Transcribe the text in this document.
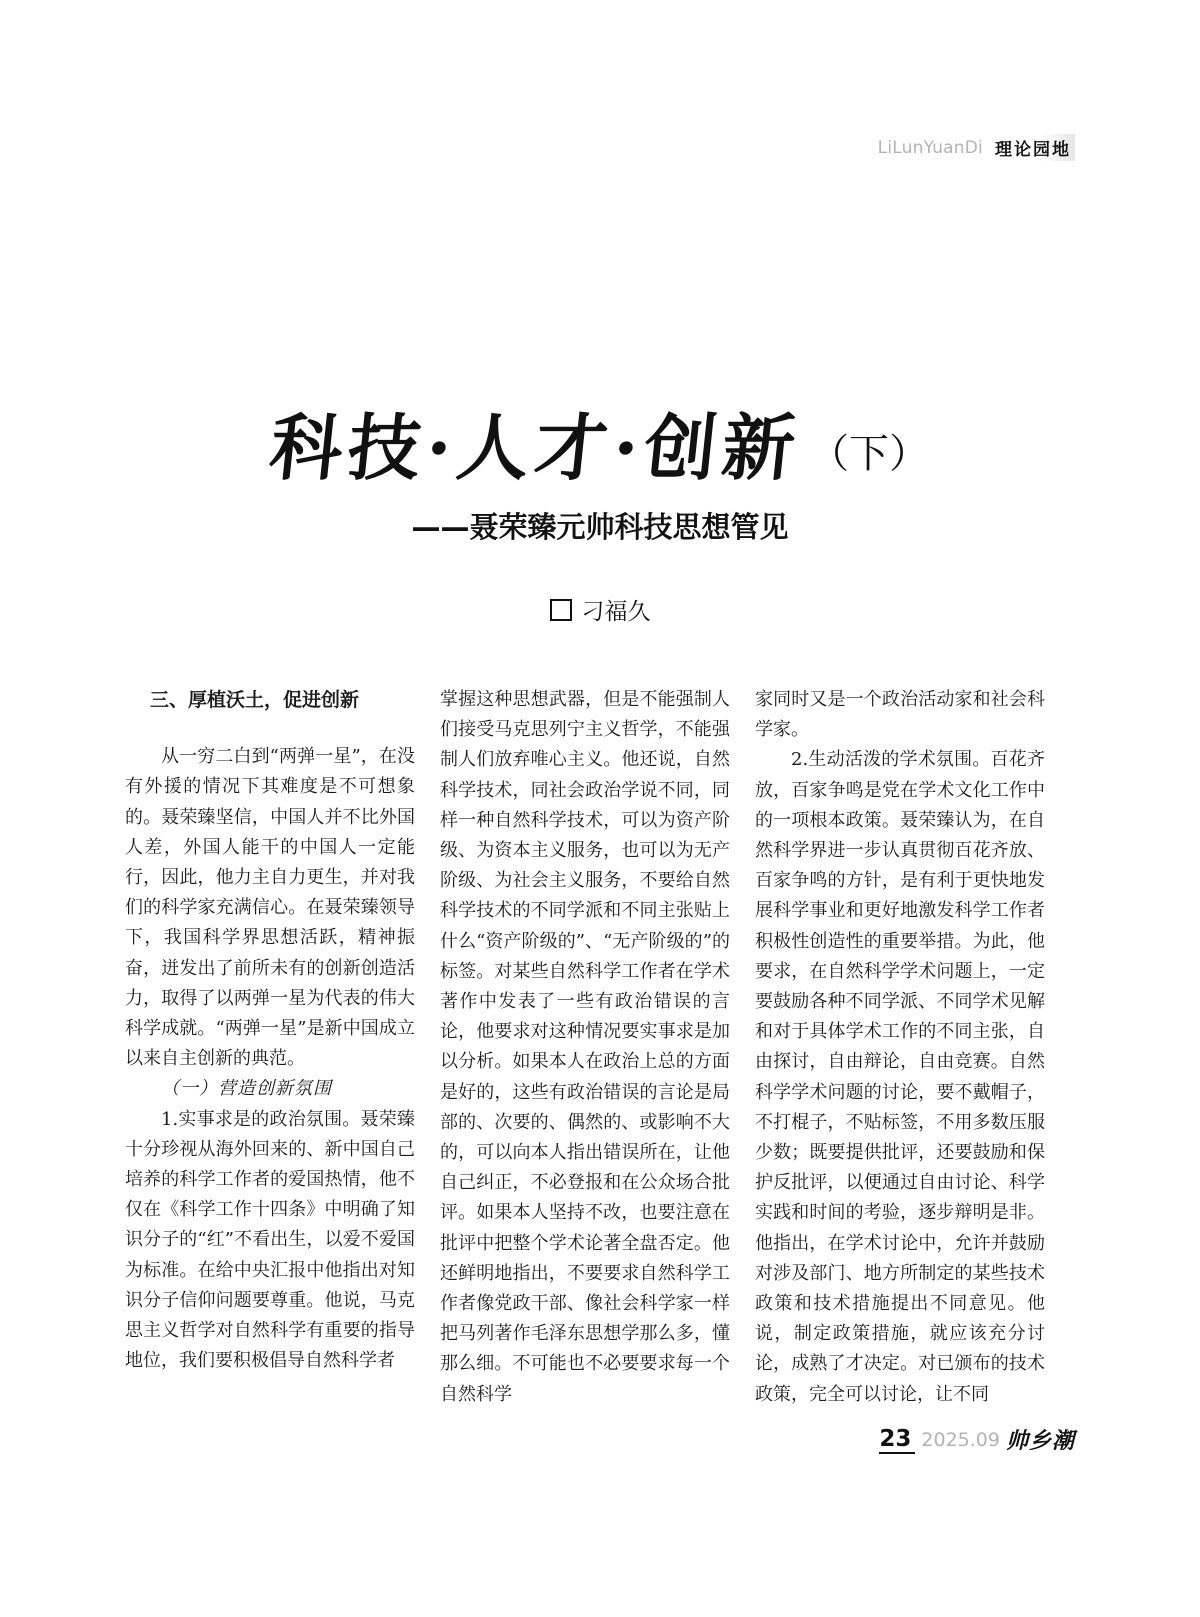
LiLunYuanDi 理论园地
科技·人才·创新 （下）
——聂荣臻元帅科技思想管见
刁福久
三、厚植沃土，促进创新

从一穷二白到“两弹一星”，在没有外援的情况下其难度是不可想象的。聂荣臻坚信，中国人并不比外国人差，外国人能干的中国人一定能行，因此，他力主自力更生，并对我们的科学家充满信心。在聂荣臻领导下，我国科学界思想活跃，精神振奋，迸发出了前所未有的创新创造活力，取得了以两弹一星为代表的伟大科学成就。“两弹一星”是新中国成立以来自主创新的典范。

（一）营造创新氛围

1.实事求是的政治氛围。聂荣臻十分珍视从海外回来的、新中国自己培养的科学工作者的爱国热情，他不仅在《科学工作十四条》中明确了知识分子的“红”不看出生，以爱不爱国为标准。在给中央汇报中他指出对知识分子信仰问题要尊重。他说，马克思主义哲学对自然科学有重要的指导地位，我们要积极倡导自然科学者

掌握这种思想武器，但是不能强制人们接受马克思列宁主义哲学，不能强制人们放弃唯心主义。他还说，自然科学技术，同社会政治学说不同，同样一种自然科学技术，可以为资产阶级、为资本主义服务，也可以为无产阶级、为社会主义服务，不要给自然科学技术的不同学派和不同主张贴上什么“资产阶级的”、“无产阶级的”的标签。对某些自然科学工作者在学术著作中发表了一些有政治错误的言论，他要求对这种情况要实事求是加以分析。如果本人在政治上总的方面是好的，这些有政治错误的言论是局部的、次要的、偶然的、或影响不大的，可以向本人指出错误所在，让他自己纠正，不必登报和在公众场合批评。如果本人坚持不改，也要注意在批评中把整个学术论著全盘否定。他还鲜明地指出，不要要求自然科学工作者像党政干部、像社会科学家一样把马列著作毛泽东思想学那么多，懂那么细。不可能也不必要要求每一个自然科学

家同时又是一个政治活动家和社会科学家。

2.生动活泼的学术氛围。百花齐放，百家争鸣是党在学术文化工作中的一项根本政策。聂荣臻认为，在自然科学界进一步认真贯彻百花齐放、百家争鸣的方针，是有利于更快地发展科学事业和更好地激发科学工作者积极性创造性的重要举措。为此，他要求，在自然科学学术问题上，一定要鼓励各种不同学派、不同学术见解和对于具体学术工作的不同主张，自由探讨，自由辩论，自由竞赛。自然科学学术问题的讨论，要不戴帽子，不打棍子，不贴标签，不用多数压服少数；既要提供批评，还要鼓励和保护反批评，以便通过自由讨论、科学实践和时间的考验，逐步辩明是非。他指出，在学术讨论中，允许并鼓励对涉及部门、地方所制定的某些技术政策和技术措施提出不同意见。他说，制定政策措施，就应该充分讨论，成熟了才决定。对已颁布的技术政策，完全可以讨论，让不同

23 2025.09 帅乡潮
